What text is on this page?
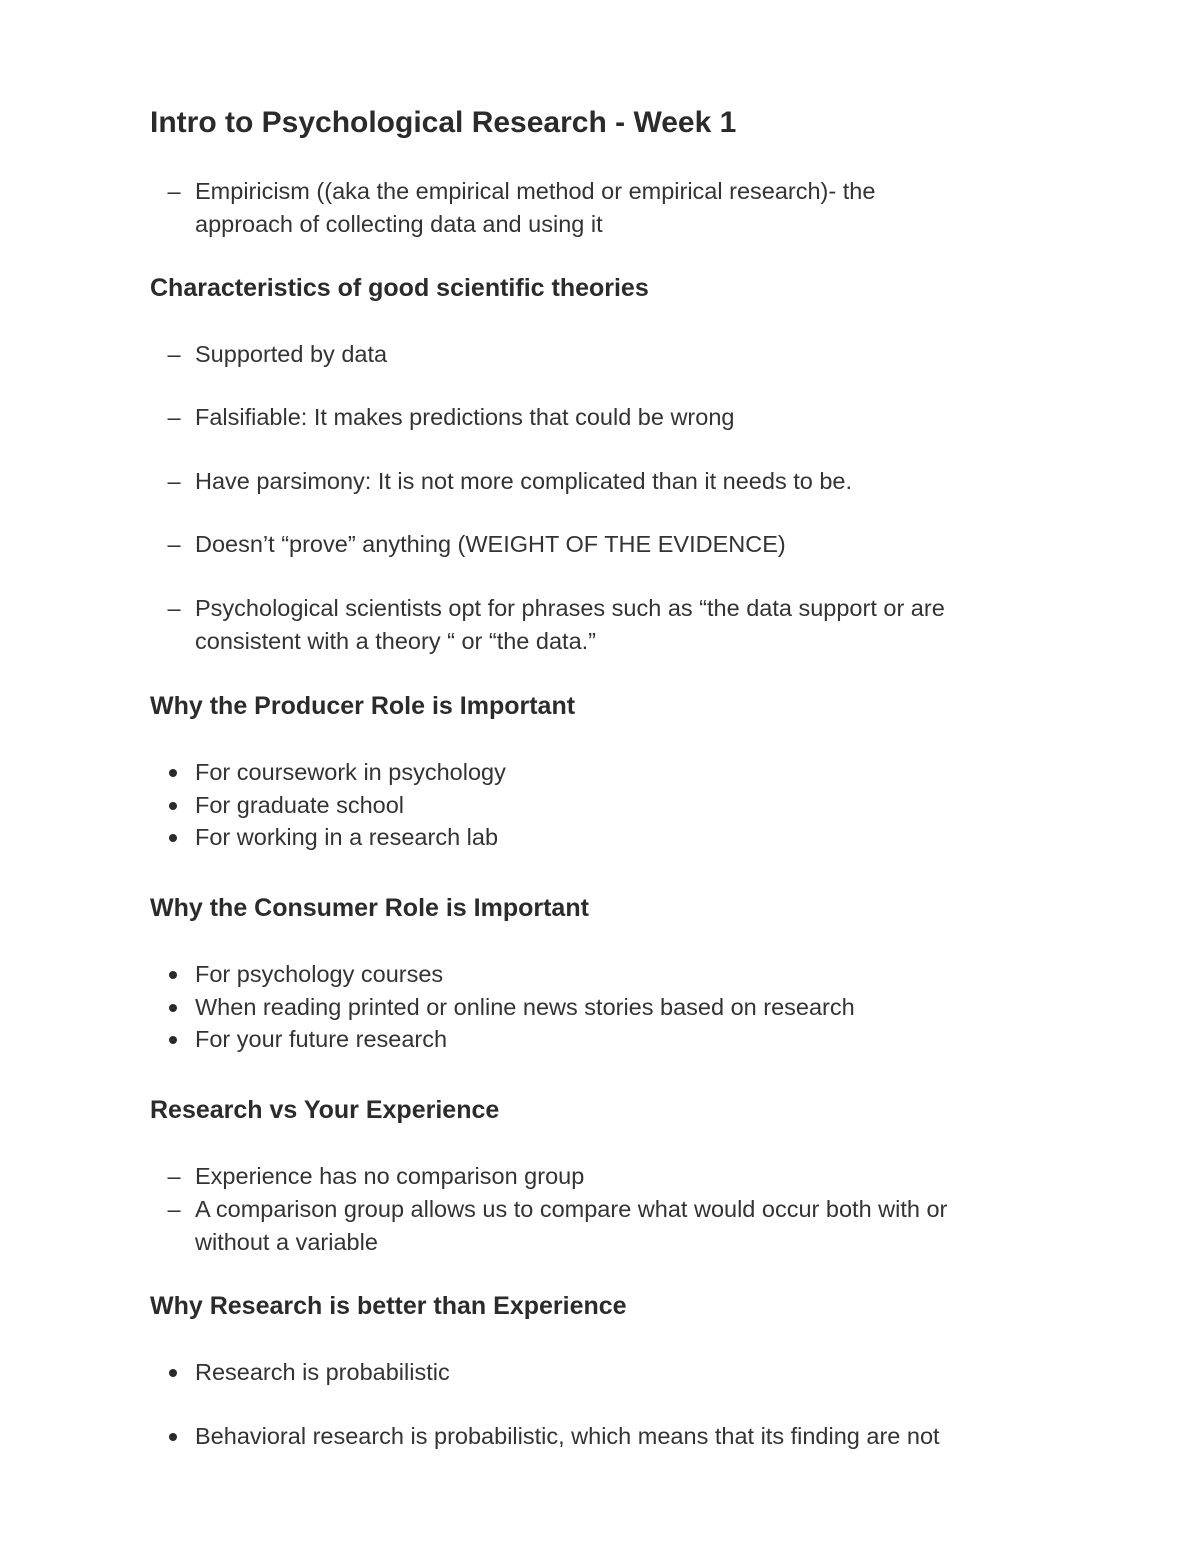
Intro to Psychological Research - Week 1
– Empiricism ((aka the empirical method or empirical research)- the
approach of collecting data and using it
Characteristics of good scientific theories
– Supported by data
– Falsifiable: It makes predictions that could be wrong
– Have parsimony: It is not more complicated than it needs to be.
– Doesn’t “prove” anything (WEIGHT OF THE EVIDENCE)
– Psychological scientists opt for phrases such as “the data support or are
consistent with a theory “ or “the data.”
Why the Producer Role is Important
For coursework in psychology
For graduate school
For working in a research lab
Why the Consumer Role is Important
For psychology courses
When reading printed or online news stories based on research
For your future research
Research vs Your Experience
– Experience has no comparison group
– A comparison group allows us to compare what would occur both with or
without a variable
Why Research is better than Experience
Research is probabilistic
Behavioral research is probabilistic, which means that its finding are not
